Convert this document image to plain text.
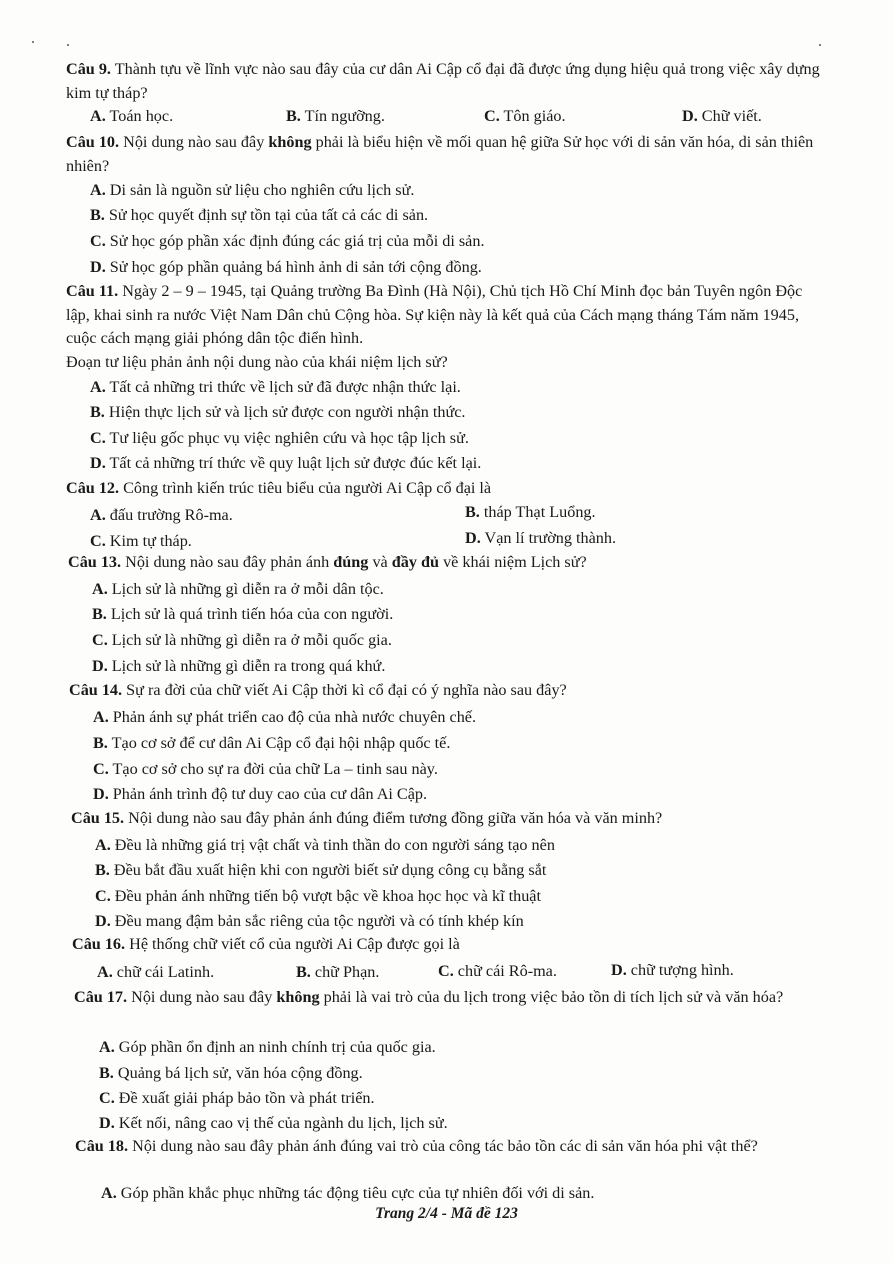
Câu 9. Thành tựu về lĩnh vực nào sau đây của cư dân Ai Cập cổ đại đã được ứng dụng hiệu quả trong việc xây dựng kim tự tháp?
A. Toán học.	B. Tín ngưỡng.	C. Tôn giáo.	D. Chữ viết.
Câu 10. Nội dung nào sau đây không phải là biểu hiện về mối quan hệ giữa Sử học với di sản văn hóa, di sản thiên nhiên?
A. Di sản là nguồn sử liệu cho nghiên cứu lịch sử.
B. Sử học quyết định sự tồn tại của tất cả các di sản.
C. Sử học góp phần xác định đúng các giá trị của mỗi di sản.
D. Sử học góp phần quảng bá hình ảnh di sản tới cộng đồng.
Câu 11. Ngày 2 – 9 – 1945, tại Quảng trường Ba Đình (Hà Nội), Chủ tịch Hồ Chí Minh đọc bản Tuyên ngôn Độc lập, khai sinh ra nước Việt Nam Dân chủ Cộng hòa. Sự kiện này là kết quả của Cách mạng tháng Tám năm 1945, cuộc cách mạng giải phóng dân tộc điển hình.
Đoạn tư liệu phản ảnh nội dung nào của khái niệm lịch sử?
A. Tất cả những tri thức về lịch sử đã được nhận thức lại.
B. Hiện thực lịch sử và lịch sử được con người nhận thức.
C. Tư liệu gốc phục vụ việc nghiên cứu và học tập lịch sử.
D. Tất cả những trí thức về quy luật lịch sử được đúc kết lại.
Câu 12. Công trình kiến trúc tiêu biểu của người Ai Cập cổ đại là
A. đấu trường Rô-ma.	B. tháp Thạt Luổng.
C. Kim tự tháp.	D. Vạn lí trường thành.
Câu 13. Nội dung nào sau đây phản ánh đúng và đầy đủ về khái niệm Lịch sử?
A. Lịch sử là những gì diễn ra ở mỗi dân tộc.
B. Lịch sử là quá trình tiến hóa của con người.
C. Lịch sử là những gì diễn ra ở mỗi quốc gia.
D. Lịch sử là những gì diễn ra trong quá khứ.
Câu 14. Sự ra đời của chữ viết Ai Cập thời kì cổ đại có ý nghĩa nào sau đây?
A. Phản ánh sự phát triển cao độ của nhà nước chuyên chế.
B. Tạo cơ sở để cư dân Ai Cập cổ đại hội nhập quốc tế.
C. Tạo cơ sở cho sự ra đời của chữ La – tinh sau này.
D. Phản ánh trình độ tư duy cao của cư dân Ai Cập.
Câu 15. Nội dung nào sau đây phản ánh đúng điểm tương đồng giữa văn hóa và văn minh?
A. Đều là những giá trị vật chất và tinh thần do con người sáng tạo nên
B. Đều bắt đầu xuất hiện khi con người biết sử dụng công cụ bằng sắt
C. Đều phản ánh những tiến bộ vượt bậc về khoa học học và kĩ thuật
D. Đều mang đậm bản sắc riêng của tộc người và có tính khép kín
Câu 16. Hệ thống chữ viết cổ của người Ai Cập được gọi là
A. chữ cái Latinh.	B. chữ Phạn.	C. chữ cái Rô-ma.	D. chữ tượng hình.
Câu 17. Nội dung nào sau đây không phải là vai trò của du lịch trong việc bảo tồn di tích lịch sử và văn hóa?
A. Góp phần ổn định an ninh chính trị của quốc gia.
B. Quảng bá lịch sử, văn hóa cộng đồng.
C. Đề xuất giải pháp bảo tồn và phát triển.
D. Kết nối, nâng cao vị thế của ngành du lịch, lịch sử.
Câu 18. Nội dung nào sau đây phản ánh đúng vai trò của công tác bảo tồn các di sản văn hóa phi vật thể?
A. Góp phần khắc phục những tác động tiêu cực của tự nhiên đối với di sản.
Trang 2/4 - Mã đề 123
